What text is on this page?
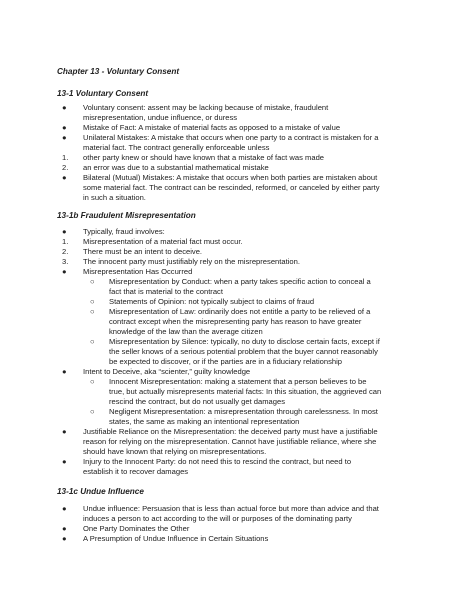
Chapter 13 - Voluntary Consent
13-1 Voluntary Consent
● Voluntary consent: assent may be lacking because of mistake, fraudulent
misrepresentation, undue influence, or duress
● Mistake of Fact: A mistake of material facts as opposed to a mistake of value
● Unilateral Mistakes: A mistake that occurs when one party to a contract is mistaken for a
material fact. The contract generally enforceable unless
1. other party knew or should have known that a mistake of fact was made
2. an error was due to a substantial mathematical mistake
● Bilateral (Mutual) Mistakes: A mistake that occurs when both parties are mistaken about
some material fact. The contract can be rescinded, reformed, or canceled by either party
in such a situation.
13-1b Fraudulent Misrepresentation
● Typically, fraud involves:
1. Misrepresentation of a material fact must occur.
2. There must be an intent to deceive.
3. The innocent party must justifiably rely on the misrepresentation.
● Misrepresentation Has Occurred
○ Misrepresentation by Conduct: when a party takes specific action to conceal a
fact that is material to the contract
○ Statements of Opinion: not typically subject to claims of fraud
○ Misrepresentation of Law: ordinarily does not entitle a party to be relieved of a
contract except when the misrepresenting party has reason to have greater
knowledge of the law than the average citizen
○ Misrepresentation by Silence: typically, no duty to disclose certain facts, except if
the seller knows of a serious potential problem that the buyer cannot reasonably
be expected to discover, or if the parties are in a fiduciary relationship
● Intent to Deceive, aka “scienter,” guilty knowledge
○ Innocent Misrepresentation: making a statement that a person believes to be
true, but actually misrepresents material facts: In this situation, the aggrieved can
rescind the contract, but do not usually get damages
○ Negligent Misrepresentation: a misrepresentation through carelessness. In most
states, the same as making an intentional representation
● Justifiable Reliance on the Misrepresentation: the deceived party must have a justifiable
reason for relying on the misrepresentation. Cannot have justifiable reliance, where she
should have known that relying on misrepresentations.
● Injury to the Innocent Party: do not need this to rescind the contract, but need to
establish it to recover damages
13-1c Undue Influence
● Undue influence: Persuasion that is less than actual force but more than advice and that
induces a person to act according to the will or purposes of the dominating party
● One Party Dominates the Other
● A Presumption of Undue Influence in Certain Situations
